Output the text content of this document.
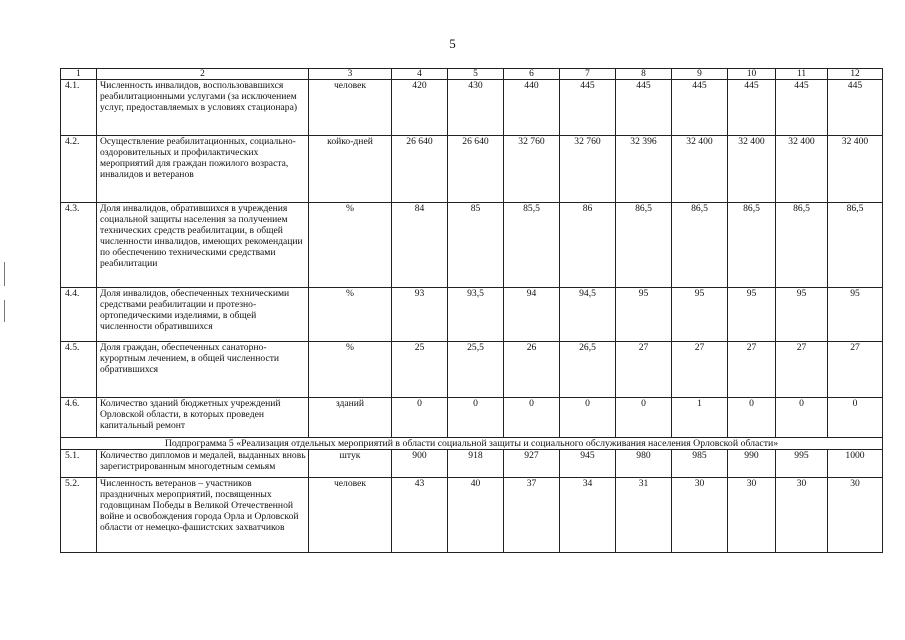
5
1	2	3	4	5	6	7	8	9	10	11	12
4.1.	Численность инвалидов, воспользовавшихся реабилитационными услугами (за исключением услуг, предоставляемых в условиях стационара)	человек	420	430	440	445	445	445	445	445	445
4.2.	Осуществление реабилитационных, социально-оздоровительных и профилактических мероприятий для граждан пожилого возраста, инвалидов и ветеранов	койко-дней	26 640	26 640	32 760	32 760	32 396	32 400	32 400	32 400	32 400
4.3.	Доля инвалидов, обратившихся в учреждения социальной защиты населения за получением технических средств реабилитации, в общей численности инвалидов, имеющих рекомендации по обеспечению техническими средствами реабилитации	%	84	85	85,5	86	86,5	86,5	86,5	86,5	86,5
4.4.	Доля инвалидов, обеспеченных техническими средствами реабилитации и протезно-ортопедическими изделиями, в общей численности обратившихся	%	93	93,5	94	94,5	95	95	95	95	95
4.5.	Доля граждан, обеспеченных санаторно-курортным лечением, в общей численности обратившихся	%	25	25,5	26	26,5	27	27	27	27	27
4.6.	Количество зданий бюджетных учреждений Орловской области, в которых проведен капитальный ремонт	зданий	0	0	0	0	0	1	0	0	0
Подпрограмма 5 «Реализация отдельных мероприятий в области социальной защиты и социального обслуживания населения Орловской области»											
5.1.	Количество дипломов и медалей, выданных вновь зарегистрированным многодетным семьям	штук	900	918	927	945	980	985	990	995	1000
5.2.	Численность ветеранов – участников праздничных мероприятий, посвященных годовщинам Победы в Великой Отечественной войне и освобождения города Орла и Орловской области от немецко-фашистских захватчиков	человек	43	40	37	34	31	30	30	30	30
